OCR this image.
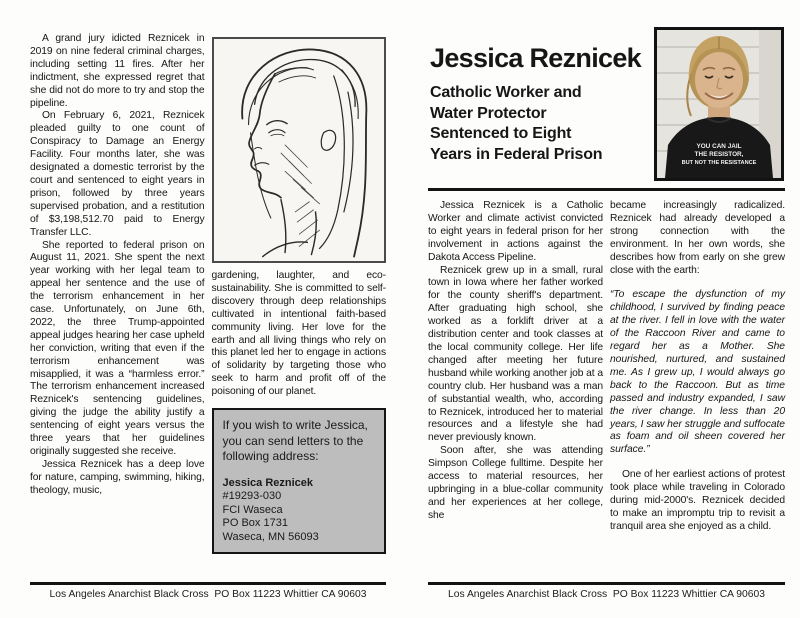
A grand jury idicted Reznicek in 2019 on nine federal criminal charges, including setting 11 fires. After her indictment, she expressed regret that she did not do more to try and stop the pipeline.

On February 6, 2021, Reznicek pleaded guilty to one count of Conspiracy to Damage an Energy Facility. Four months later, she was designated a domestic terrorist by the court and sentenced to eight years in prison, followed by three years supervised probation, and a restitution of $3,198,512.70 paid to Energy Transfer LLC.

She reported to federal prison on August 11, 2021. She spent the next year working with her legal team to appeal her sentence and the use of the terrorism enhancement in her case. Unfortunately, on June 6th, 2022, the three Trump-appointed appeal judges hearing her case upheld her conviction, writing that even if the terrorism enhancement was misapplied, it was a “harmless error.” The terrorism enhancement increased Reznicek's sentencing guidelines, giving the judge the ability justify a sentencing of eight years versus the three years that her guidelines originally suggested she receive.

Jessica Reznicek has a deep love for nature, camping, swimming, hiking, theology, music,

gardening, laughter, and eco-sustainability. She is committed to self-discovery through deep relationships cultivated in intentional faith-based community living. Her love for the earth and all living things who rely on this planet led her to engage in actions of solidarity by targeting those who seek to harm and profit off of the poisoning of our planet.

If you wish to write Jessica, you can send letters to the following address:

Jessica Reznicek
#19293-030
FCI Waseca
PO Box 1731
Waseca, MN 56093
Los Angeles Anarchist Black Cross  PO Box 11223 Whittier CA 90603
Jessica Reznicek
Catholic Worker and
Water Protector
Sentenced to Eight
Years in Federal Prison	YOU CAN JAIL
THE RESISTOR,
BUT NOT THE RESISTANCE

Jessica Reznicek is a Catholic Worker and climate activist convicted to eight years in federal prison for her involvement in actions against the Dakota Access Pipeline.

Reznicek grew up in a small, rural town in Iowa where her father worked for the county sheriff's department. After graduating high school, she worked as a forklift driver at a distribution center and took classes at the local community college. Her life changed after meeting her future husband while working another job at a country club. Her husband was a man of substantial wealth, who, according to Reznicek, introduced her to material resources and a lifestyle she had never previously known.

Soon after, she was attending Simpson College fulltime. Despite her access to material resources, her upbringing in a blue-collar community and her experiences at her college, she

became increasingly radicalized. Reznicek had already developed a strong connection with the environment. In her own words, she describes how from early on she grew close with the earth:

“To escape the dysfunction of my childhood, I survived by finding peace at the river. I fell in love with the water of the Raccoon River and came to regard her as a Mother. She nourished, nurtured, and sustained me. As I grew up, I would always go back to the Raccoon. But as time passed and industry expanded, I saw the river change. In less than 20 years, I saw her struggle and suffocate as foam and oil sheen covered her surface.”

One of her earliest actions of protest took place while traveling in Colorado during mid-2000's. Reznicek decided to make an impromptu trip to revisit a tranquil area she enjoyed as a child.

Los Angeles Anarchist Black Cross  PO Box 11223 Whittier CA 90603
